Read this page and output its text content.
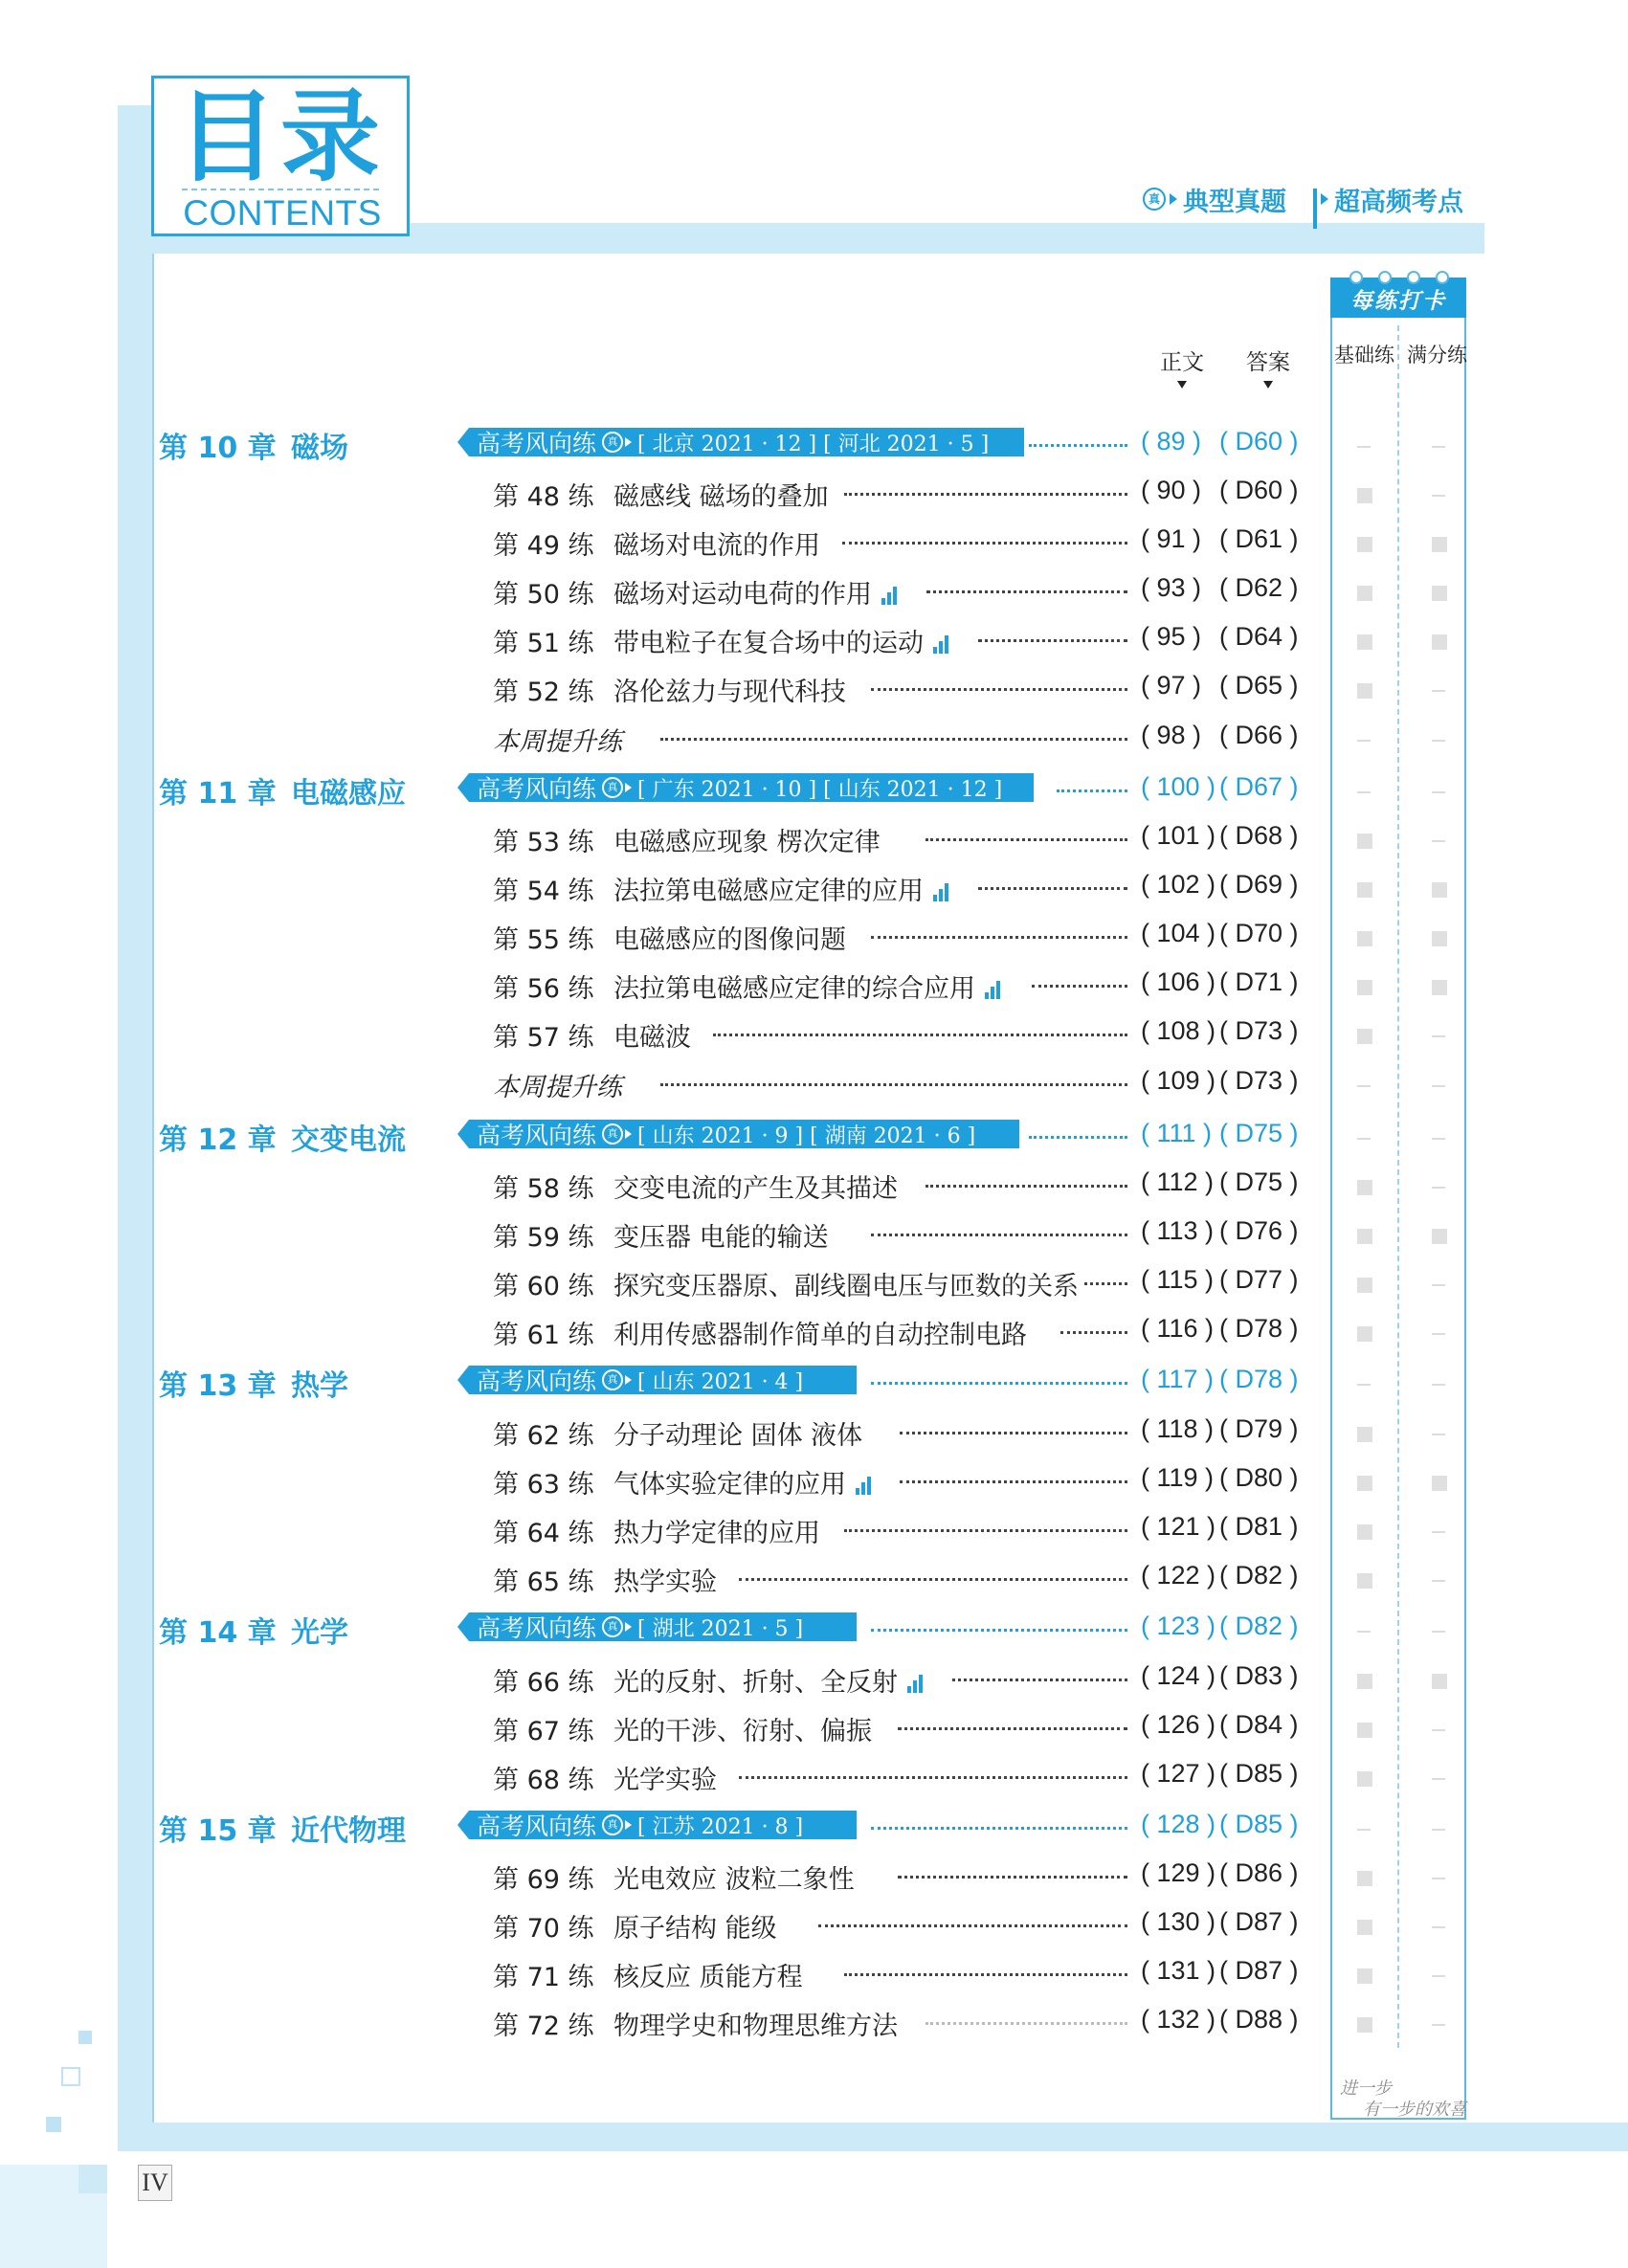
目录
CONTENTS	真 典型真题 超高频考点
正文	答案
每练打卡
基础练 满分练
进一步
有一步的欢喜
第 10 章 磁场	高考风向练	真 [ 北京 2021 · 12 ] [ 河北 2021 · 5 ]	( 89 ) ( D60 )
第 48 练 磁感线 磁场的叠加	( 90 ) ( D60 )
第 49 练 磁场对电流的作用	( 91 ) ( D61 )
第 50 练 磁场对运动电荷的作用	( 93 ) ( D62 )
第 51 练 带电粒子在复合场中的运动	( 95 ) ( D64 )
第 52 练 洛伦兹力与现代科技	( 97 ) ( D65 )
本周提升练	( 98 ) ( D66 )
第 11 章 电磁感应	高考风向练	真 [ 广东 2021 · 10 ] [ 山东 2021 · 12 ]	( 100 ) ( D67 )
第 53 练 电磁感应现象 楞次定律	( 101 ) ( D68 )
第 54 练 法拉第电磁感应定律的应用	( 102 ) ( D69 )
第 55 练 电磁感应的图像问题	( 104 ) ( D70 )
第 56 练 法拉第电磁感应定律的综合应用	( 106 ) ( D71 )
第 57 练 电磁波	( 108 ) ( D73 )
本周提升练	( 109 ) ( D73 )
第 12 章 交变电流	高考风向练	真 [ 山东 2021 · 9 ] [ 湖南 2021 · 6 ]	( 111 ) ( D75 )
第 58 练 交变电流的产生及其描述	( 112 ) ( D75 )
第 59 练 变压器 电能的输送	( 113 ) ( D76 )
第 60 练 探究变压器原、副线圈电压与匝数的关系 ( 115 ) ( D77 )
第 61 练 利用传感器制作简单的自动控制电路	( 116 ) ( D78 )
第 13 章 热学	高考风向练	真 [ 山东 2021 · 4 ]	( 117 ) ( D78 )
第 62 练 分子动理论 固体 液体	( 118 ) ( D79 )
第 63 练 气体实验定律的应用	( 119 ) ( D80 )
第 64 练 热力学定律的应用	( 121 ) ( D81 )
第 65 练 热学实验	( 122 ) ( D82 )
第 14 章 光学	高考风向练	真 [ 湖北 2021 · 5 ]	( 123 ) ( D82 )
第 66 练 光的反射、折射、全反射	( 124 ) ( D83 )
第 67 练 光的干涉、衍射、偏振	( 126 ) ( D84 )
第 68 练 光学实验	( 127 ) ( D85 )
第 15 章 近代物理	高考风向练	真 [ 江苏 2021 · 8 ]	( 128 ) ( D85 )
第 69 练 光电效应 波粒二象性	( 129 ) ( D86 )
第 70 练 原子结构 能级	( 130 ) ( D87 )
第 71 练 核反应 质能方程	( 131 ) ( D87 )
第 72 练 物理学史和物理思维方法	( 132 ) ( D88 )
IV
